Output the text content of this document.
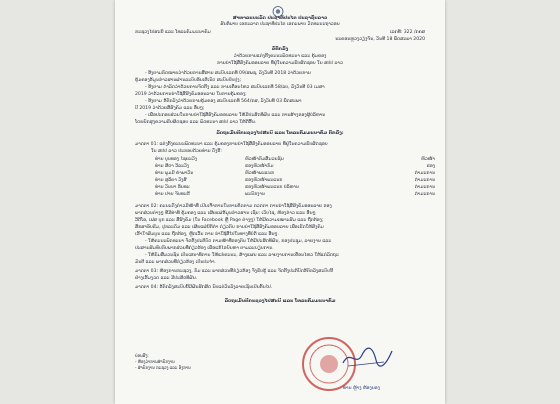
ສາທາລະນະລັດ ປະຊາທິປະໄຕ ປະຊາຊົນລາວ
ສັນຕິພາບ ເອກະລາດ ປະຊາທິປະໄຕ ເອກະພາບ ວັດທະນະຖາວອນ
ກະຊວງໄປສະນີ ແລະ ໂທລະຄົມມະນາຄົມ	ເລກທີ: 322 /ກຄສ
ນະຄອນຫຼວງວຽງຈັນ, ວັນທີ 18 ພຶດສະພາ 2020
ຂໍ້ຕົກລົງ
ວ່າດ້ວຍການແຕ່ງຕັ້ງຄະນະພັດທະນາ ແລະ ຄຸ້ມຄອງ
ການນຳໃຊ້ສື່ສັງຄົມອອນລາຍ ທີ່ຢູ່ໃນຄວາມຮັບຜິດຊອບ ໃນ ສປປ ລາວ
- ອີງຕາມກົດໝາຍວ່າດ້ວຍການສື່ສານ ສະບັບເລກທີ 09/ສພຊ, ລົງວັນທີ 2018 ວ່າດ້ວຍການ
ຄຸ້ມຄອງຂໍ້ມູນຂ່າວສານຜ່ານລະບົບອິນເຕີເນັດ ສະບັບປັບປຸງ;
- ອີງຕາມ ດຳລັດວ່າດ້ວຍການຈັດຕັ້ງ ແລະ ການເຄື່ອນໄຫວ ສະບັບເລກທີ 58/ລບ, ລົງວັນທີ 03 ເມສາ
2019 ວ່າດ້ວຍການນຳໃຊ້ສື່ສັງຄົມອອນລາຍ ໃນການຄຸ້ມຄອງ;
- ອີງຕາມ ຂໍ້ຕົກລົງວ່າດ້ວຍການຄຸ້ມຄອງ ສະບັບເລກທີ 564/ກສ, ລົງວັນທີ 03 ພຶດສະພາ
ປີ 2019 ວ່າດ້ວຍສື່ສັງຄົມ ແລະ ອື່ນໆ;
- ເພື່ອປະກອບສ່ວນໃນການນຳໃຊ້ສື່ສັງຄົມອອນລາຍ ໃຫ້ມີປະສິດທິຜົນ ແລະ ການສ້າງຂອງຜູ້ບໍລິຫານ
ໂດຍຍົກສູງຄວາມຮັບຜິດຊອບ ແລະ ພັດທະນາ ສປປ ລາວ ໃຫ້ດີຂຶ້ນ.
ລັດຖະມົນຕີກະຊວງໄປສະນີ ແລະ ໂທລະຄົມມະນາຄົມ ຕົກລົງ:
ມາດຕາ 01: ແຕ່ງຕັ້ງຄະນະພັດທະນາ ແລະ ຄຸ້ມຄອງການນຳໃຊ້ສື່ສັງຄົມອອນລາຍ ທີ່ຢູ່ໃນຄວາມຮັບຜິດຊອບ
ໃນ ສປປ ລາວ ປະກອບດ້ວຍທ່ານ ດັ່ງນີ້:
ທ່ານ ບຸນທອງ ໄຊຍະວົງ	ຫົວໜ້າກົມສື່ມວນຊົນ	ຫົວໜ້າ
ທ່ານ ສີດາ ວິລະວົງ	ຮອງຫົວໜ້າກົມ	ຮອງ
ທ່ານ ພູມມີ ຄຳພາວັນ	ຫົວໜ້າພະແນກ	ກຳມະການ
ທ່ານ ສຸລິຍາ ວົງສີ	ຮອງຫົວໜ້າພະແນກ	ກຳມະການ
ທ່ານ ວັນນາ ອິນທະ	ຮອງຫົວໜ້າພະແນກ ບໍລິຫານ	ກຳມະການ
ທ່ານ ປາຍ ຈັນທະຣີ	ພະນັກງານ	ກຳມະການ
ມາດຕາ 02: ຄະນະດັ່ງກ່າວມີໜ້າທີ່ ເປັນເຈົ້າການໃນການຕິດຕາມ ກວດກາ ການນຳໃຊ້ສື່ສັງຄົມອອນລາຍ ຂອງ
ພາກສ່ວນຕ່າງໆ ທີ່ມີທ່າທີ ຄຸ້ມຄອງ ແລະ ເຜີຍແຜ່ຂໍ້ມູນຂ່າວສານ ເຊັ່ນ: ເວັບໄຊ, ຫ້ອງຂ່າວ ແລະ ອື່ນໆ
ວີດີໂອ, ເຟສ ບຸກ ແລະ ສື່ສັງຄົມ (ໃນ Facebook ຫຼື Page ຕ່າງໆ) ໃຫ້ມີຄວາມເໝາະສົມ ແລະ ຖືກຕ້ອງ;
ສຶກສາອົບຮົມ, ປຸກລະດົມ ແລະ ເຜີຍແຜ່ນິຕິກຳ ກ່ຽວກັບ ການນຳໃຊ້ສື່ສັງຄົມອອນລາຍ ເພື່ອເຮັດໃຫ້ສັງຄົມ
ເຂົ້າໃຈສົມບູນ ແລະ ຖືກຕ້ອງ, ຫຼີກເວັ້ນ ການ ນຳໃຊ້ສື່ໄປໃນທາງທີ່ບໍ່ດີ ແລະ ອື່ນໆ.
- ໃຫ້ຄະນະພັດທະນາ ຈັດຕັ້ງປະຕິບັດ ຕາມໜ້າທີ່ຂອງຕົນ ໃຫ້ມີປະສິດທິຜົນ, ກອງປະຊຸມ, ລາຍງານ ແລະ
ປະສານສົມທົບກັບພາກສ່ວນທີ່ກ່ຽວຂ້ອງ ເພື່ອແກ້ໄຂບັນຫາ ຕາມລະບຽບການ.
- ໃຫ້ກົມສື່ມວນຊົນ ເປັນເສນາທິການ ໃຫ້ແກ່ຄະນະ, ສ້າງແຜນ ແລະ ລາຍງານການເຄື່ອນໄຫວ ໃຫ້ແກ່ລັດຖະ
ມົນຕີ ແລະ ພາກສ່ວນທີ່ກ່ຽວຂ້ອງ ເປັນປະຈຳ.
ມາດຕາ 03: ຫ້ອງການກະຊວງ, ກົມ ແລະ ພາກສ່ວນທີ່ກ່ຽວຂ້ອງ ຈົ່ງຮັບຮູ້ ແລະ ຈັດຕັ້ງປະຕິບັດຂໍ້ຕົກລົງສະບັບນີ້
ຢ່າງເຂັ້ມງວດ ແລະ ມີປະສິດທິຜົນ.
ມາດຕາ 04: ຂໍ້ຕົກລົງສະບັບນີ້ມີຜົນສັກສິດ ນັບແຕ່ວັນລົງລາຍເຊັນເປັນຕົ້ນໄປ.
ລັດຖະມົນຕີກະຊວງໄປສະນີ ແລະ ໂທລະຄົມມະນາຄົມ
ທ່ານ ຫຼ້າງ ຫ້ອງນອງ
ບ່ອນສົ່ງ:
- ຫ້ອງວ່າການສຳນັກງານ
- ສຳນັກງານ ກະຊວງ ແລະ ອົງການ
